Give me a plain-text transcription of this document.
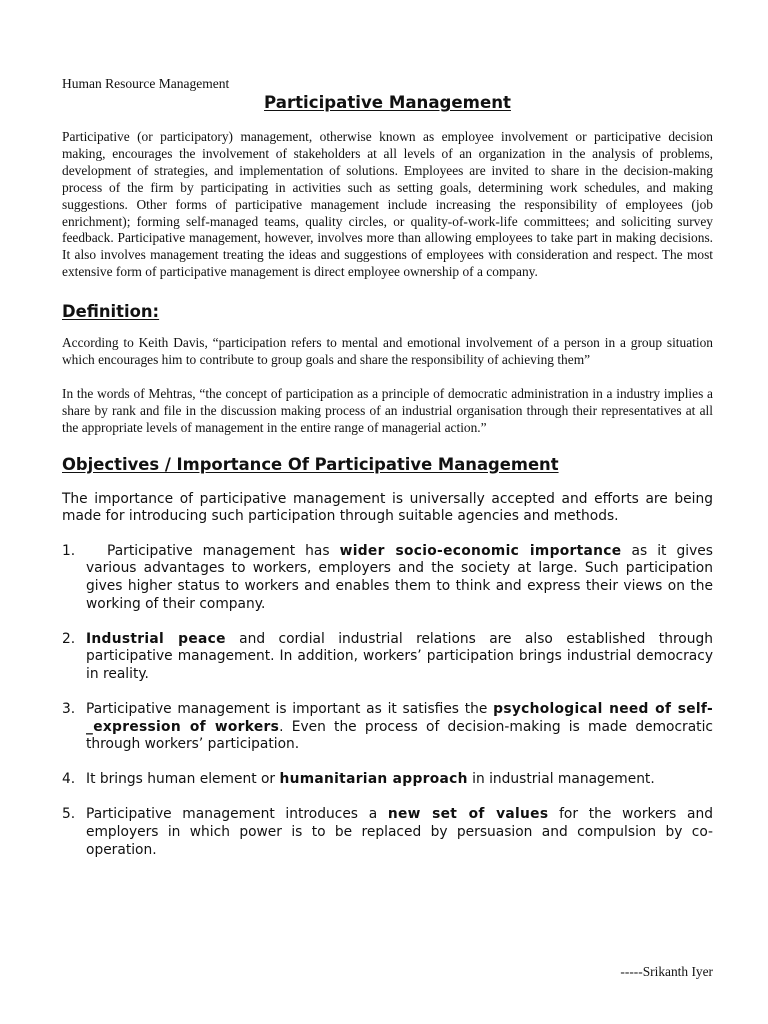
Human Resource Management

Participative Management

Participative (or participatory) management, otherwise known as employee involvement or participative decision making, encourages the involvement of stakeholders at all levels of an organization in the analysis of problems, development of strategies, and implementation of solutions. Employees are invited to share in the decision-making process of the firm by participating in activities such as setting goals, determining work schedules, and making suggestions. Other forms of participative management include increasing the responsibility of employees (job enrichment); forming self-managed teams, quality circles, or quality-of-work-life committees; and soliciting survey feedback. Participative management, however, involves more than allowing employees to take part in making decisions. It also involves management treating the ideas and suggestions of employees with consideration and respect. The most extensive form of participative management is direct employee ownership of a company.

Definition:

According to Keith Davis, “participation refers to mental and emotional involvement of a person in a group situation which encourages him to contribute to group goals and share the responsibility of achieving them”

In the words of Mehtras, “the concept of participation as a principle of democratic administration in a industry implies a share by rank and file in the discussion making process of an industrial organisation through their representatives at all the appropriate levels of management in the entire range of managerial action.”

Objectives / Importance Of Participative Management

The importance of participative management is universally accepted and efforts are being made for introducing such participation through suitable agencies and methods.

1. Participative management has wider socio-economic importance as it gives various advantages to workers, employers and the society at large. Such participation gives higher status to workers and enables them to think and express their views on the working of their company.
2. Industrial peace and cordial industrial relations are also established through participative management. In addition, workers’ participation brings industrial democracy in reality.
3. Participative management is important as it satisfies the psychological need of self-_expression of workers. Even the process of decision-making is made democratic through workers’ participation.
4. It brings human element or humanitarian approach in industrial management.
5. Participative management introduces a new set of values for the workers and employers in which power is to be replaced by persuasion and compulsion by co-operation.

-----Srikanth Iyer
